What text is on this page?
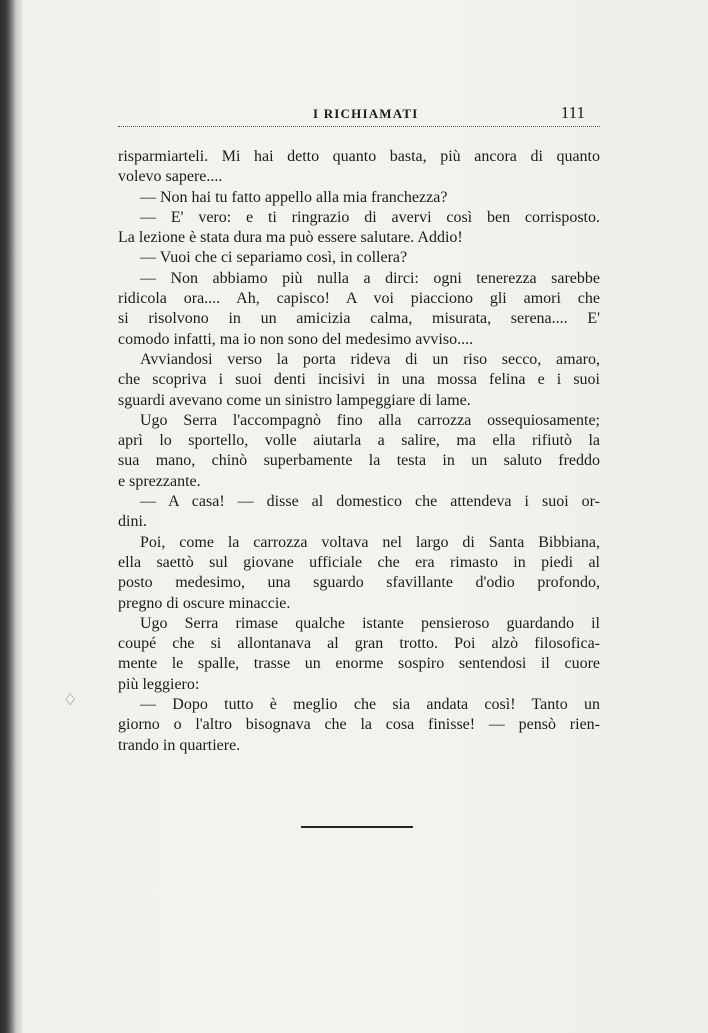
I RICHIAMATI	111
risparmiarteli. Mi hai detto quanto basta, più ancora di quanto
volevo sapere....
— Non hai tu fatto appello alla mia franchezza?
— E' vero: e ti ringrazio di avervi così ben corrisposto.
La lezione è stata dura ma può essere salutare. Addio!
— Vuoi che ci separiamo così, in collera?
— Non abbiamo più nulla a dirci: ogni tenerezza sarebbe
ridicola ora.... Ah, capisco! A voi piacciono gli amori che
si risolvono in un amicizia calma, misurata, serena.... E'
comodo infatti, ma io non sono del medesimo avviso....
Avviandosi verso la porta rideva di un riso secco, amaro,
che scopriva i suoi denti incisivi in una mossa felina e i suoi
sguardi avevano come un sinistro lampeggiare di lame.
Ugo Serra l'accompagnò fino alla carrozza ossequiosamente;
aprì lo sportello, volle aiutarla a salire, ma ella rifiutò la
sua mano, chinò superbamente la testa in un saluto freddo
e sprezzante.
— A casa! — disse al domestico che attendeva i suoi or-
dini.
Poi, come la carrozza voltava nel largo di Santa Bibbiana,
ella saettò sul giovane ufficiale che era rimasto in piedi al
posto medesimo, una sguardo sfavillante d'odio profondo,
pregno di oscure minaccie.
Ugo Serra rimase qualche istante pensieroso guardando il
coupé che si allontanava al gran trotto. Poi alzò filosofica-
mente le spalle, trasse un enorme sospiro sentendosi il cuore
più leggiero:
— Dopo tutto è meglio che sia andata così! Tanto un
giorno o l'altro bisognava che la cosa finisse! — pensò rien-
trando in quartiere.
♢
